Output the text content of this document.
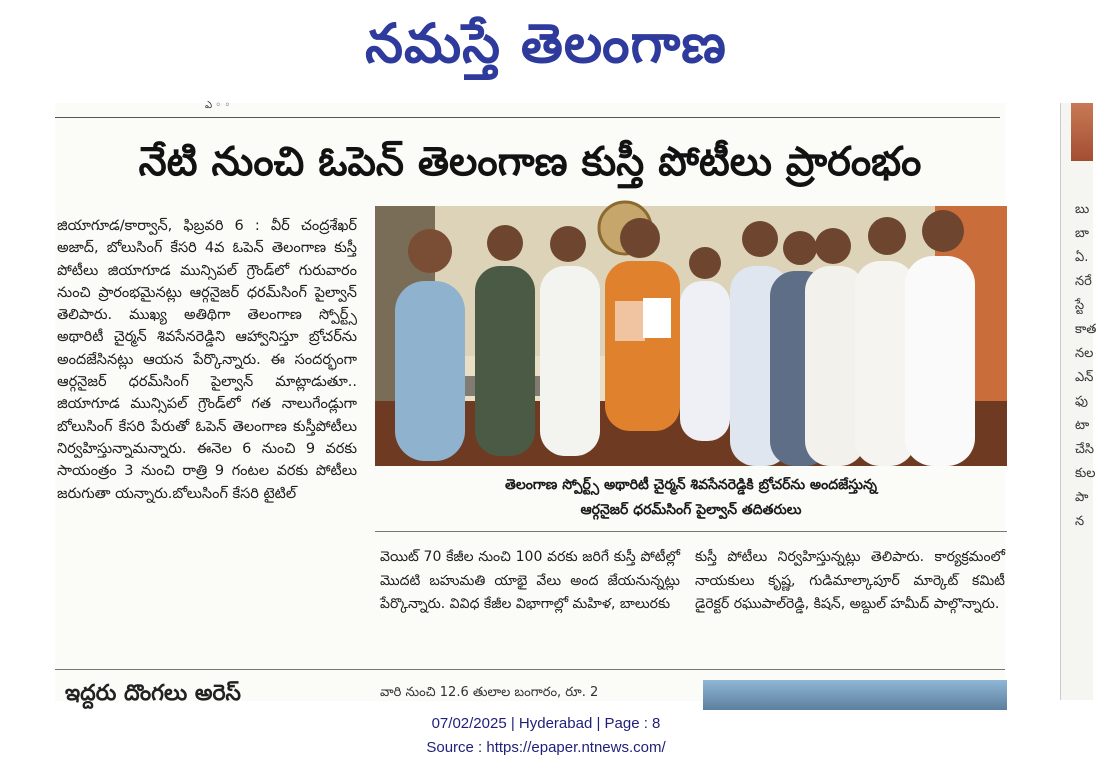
నమస్తే తెలంగాణ
ఎ ◦ ◦
నేటి నుంచి ఓపెన్ తెలంగాణ కుస్తీ పోటీలు ప్రారంభం
జియాగూడ/కార్వాన్, ఫిబ్రవరి 6 : వీర్ చంద్రశేఖర్ అజాద్, బోలుసింగ్ కేసరి 4వ ఓపెన్ తెలంగాణ కుస్తీ పోటీలు జియాగూడ మున్సిపల్ గ్రౌండ్‌లో గురువారం నుంచి ప్రారంభమైనట్లు ఆర్గనైజర్ ధరమ్‌సింగ్ పైల్వాన్ తెలిపారు. ముఖ్య అతిథిగా తెలంగాణ స్పోర్ట్స్ అథారిటీ చైర్మన్ శివసేనరెడ్డిని ఆహ్వానిస్తూ బ్రోచర్‌ను అందజేసినట్లు ఆయన పేర్కొన్నారు. ఈ సందర్భంగా ఆర్గనైజర్ ధరమ్‌సింగ్ పైల్వాన్ మాట్లాడుతూ.. జియాగూడ మున్సిపల్ గ్రౌండ్‌లో గత నాలుగేండ్లుగా బోలుసింగ్ కేసరి పేరుతో ఓపెన్ తెలంగాణ కుస్తీపోటీలు నిర్వహిస్తున్నామన్నారు. ఈనెల 6 నుంచి 9 వరకు సాయంత్రం 3 నుంచి రాత్రి 9 గంటల వరకు పోటీలు జరుగుతా యన్నారు.బోలుసింగ్ కేసరి టైటిల్
తెలంగాణ స్పోర్ట్స్ అథారిటీ చైర్మన్ శివసేనరెడ్డికి బ్రోచర్‌ను అందజేస్తున్న
ఆర్గనైజర్ ధరమ్‌సింగ్ పైల్వాన్ తదితరులు
వెయిట్ 70 కేజీల నుంచి 100 వరకు జరిగే కుస్తీ పోటీల్లో మొదటి బహుమతి యాభై వేలు అంద జేయనున్నట్లు పేర్కొన్నారు. వివిధ కేజీల విభాగాల్లో మహిళ, బాలురకు
కుస్తీ పోటీలు నిర్వహిస్తున్నట్లు తెలిపారు. కార్యక్రమంలో నాయకులు కృష్ణ, గుడిమాల్కాపూర్ మార్కెట్ కమిటీ డైరెక్టర్ రఘుపాల్‌రెడ్డి, కిషన్, అబ్దుల్ హమీద్ పాల్గొన్నారు.
ఇద్దరు దొంగలు అరెస్	వారి నుంచి 12.6 తులాల బంగారం, రూ. 2
బు
బా
ఏ.
నరే
స్టే
కాత
నల
ఎన్
ఫు
టా
చేసి
కుల
పా
న
07/02/2025 | Hyderabad | Page : 8
Source : https://epaper.ntnews.com/
